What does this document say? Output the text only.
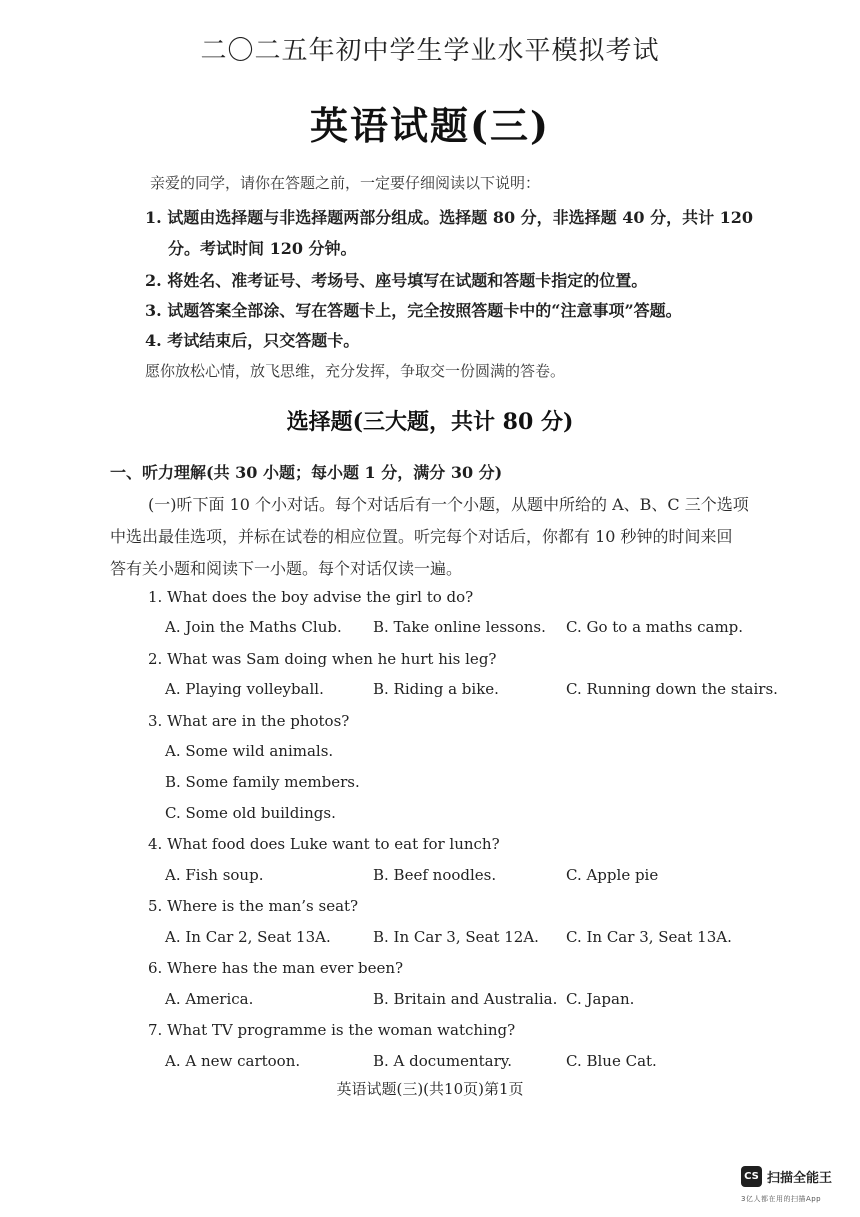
二〇二五年初中学生学业水平模拟考试
英语试题(三)
亲爱的同学，请你在答题之前，一定要仔细阅读以下说明：
1. 试题由选择题与非选择题两部分组成。选择题 80 分，非选择题 40 分，共计 120
分。考试时间 120 分钟。
2. 将姓名、准考证号、考场号、座号填写在试题和答题卡指定的位置。
3. 试题答案全部涂、写在答题卡上，完全按照答题卡中的“注意事项”答题。
4. 考试结束后，只交答题卡。
愿你放松心情，放飞思维，充分发挥，争取交一份圆满的答卷。
选择题(三大题，共计 80 分)
一、听力理解(共 30 小题；每小题 1 分，满分 30 分)
(一)听下面 10 个小对话。每个对话后有一个小题，从题中所给的 A、B、C 三个选项
中选出最佳选项，并标在试卷的相应位置。听完每个对话后，你都有 10 秒钟的时间来回
答有关小题和阅读下一小题。每个对话仅读一遍。
1. What does the boy advise the girl to do?
A. Join the Maths Club. B. Take online lessons. C. Go to a maths camp.
2. What was Sam doing when he hurt his leg?
A. Playing volleyball.	B. Riding a bike.	C. Running down the stairs.
3. What are in the photos?
A. Some wild animals.
B. Some family members.
C. Some old buildings.
4. What food does Luke want to eat for lunch?
A. Fish soup.	B. Beef noodles.	C. Apple pie
5. Where is the man’s seat?
A. In Car 2, Seat 13A.	B. In Car 3, Seat 12A. C. In Car 3, Seat 13A.
6. Where has the man ever been?
A. America.	B. Britain and Australia. C. Japan.
7. What TV programme is the woman watching?
A. A new cartoon.	B. A documentary.	C. Blue Cat.
英语试题(三)(共10页)第1页
CS 扫描全能王
3亿人都在用的扫描App
